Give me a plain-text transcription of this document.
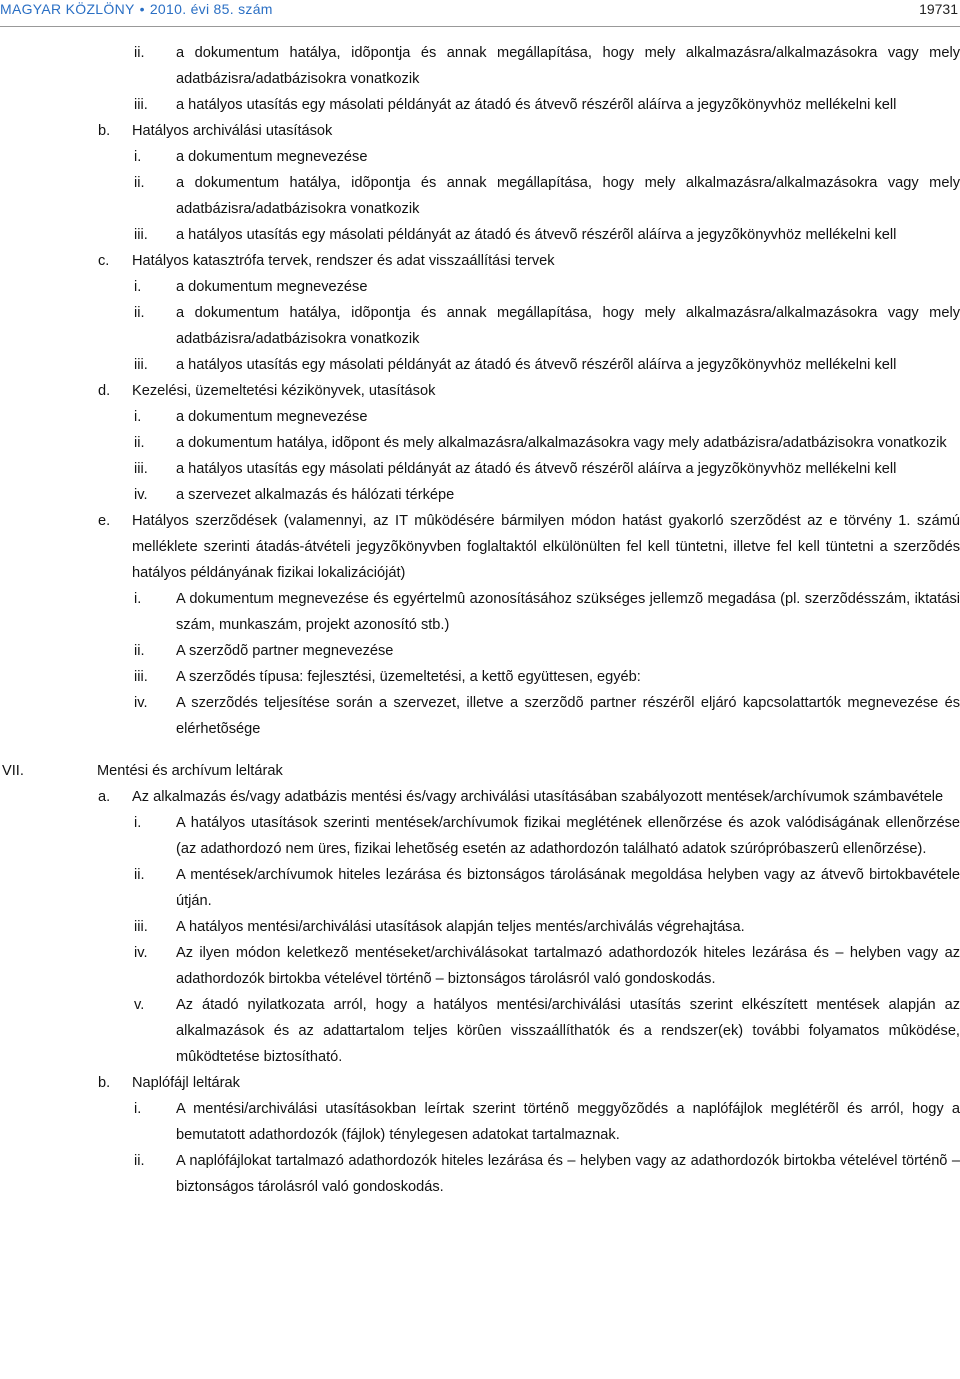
MAGYAR KÖZLÖNY • 2010. évi 85. szám	19731
ii. a dokumentum hatálya, idõpontja és annak megállapítása, hogy mely alkalmazásra/alkalmazásokra vagy mely adatbázisra/adatbázisokra vonatkozik
iii. a hatályos utasítás egy másolati példányát az átadó és átvevõ részérõl aláírva a jegyzõkönyvhöz mellékelni kell
b. Hatályos archiválási utasítások
i. a dokumentum megnevezése
ii. a dokumentum hatálya, idõpontja és annak megállapítása, hogy mely alkalmazásra/alkalmazásokra vagy mely adatbázisra/adatbázisokra vonatkozik
iii. a hatályos utasítás egy másolati példányát az átadó és átvevõ részérõl aláírva a jegyzõkönyvhöz mellékelni kell
c. Hatályos katasztrófa tervek, rendszer és adat visszaállítási tervek
i. a dokumentum megnevezése
ii. a dokumentum hatálya, idõpontja és annak megállapítása, hogy mely alkalmazásra/alkalmazásokra vagy mely adatbázisra/adatbázisokra vonatkozik
iii. a hatályos utasítás egy másolati példányát az átadó és átvevõ részérõl aláírva a jegyzõkönyvhöz mellékelni kell
d. Kezelési, üzemeltetési kézikönyvek, utasítások
i. a dokumentum megnevezése
ii. a dokumentum hatálya, idõpont és mely alkalmazásra/alkalmazásokra vagy mely adatbázisra/adatbázisokra vonatkozik
iii. a hatályos utasítás egy másolati példányát az átadó és átvevõ részérõl aláírva a jegyzõkönyvhöz mellékelni kell
iv. a szervezet alkalmazás és hálózati térképe
e. Hatályos szerzõdések (valamennyi, az IT mûködésére bármilyen módon hatást gyakorló szerzõdést az e törvény 1. számú melléklete szerinti átadás-átvételi jegyzõkönyvben foglaltaktól elkülönülten fel kell tüntetni, illetve fel kell tüntetni a szerzõdés hatályos példányának fizikai lokalizációját)
i. A dokumentum megnevezése és egyértelmû azonosításához szükséges jellemzõ megadása (pl. szerzõdésszám, iktatási szám, munkaszám, projekt azonosító stb.)
ii. A szerzõdõ partner megnevezése
iii. A szerzõdés típusa: fejlesztési, üzemeltetési, a kettõ együttesen, egyéb:
iv. A szerzõdés teljesítése során a szervezet, illetve a szerzõdõ partner részérõl eljáró kapcsolattartók megnevezése és elérhetõsége
VII.	Mentési és archívum leltárak
a. Az alkalmazás és/vagy adatbázis mentési és/vagy archiválási utasításában szabályozott mentések/archívumok számbavétele
i. A hatályos utasítások szerinti mentések/archívumok fizikai meglétének ellenõrzése és azok valódiságának ellenõrzése (az adathordozó nem üres, fizikai lehetõség esetén az adathordozón található adatok szúrópróbaszerû ellenõrzése).
ii. A mentések/archívumok hiteles lezárása és biztonságos tárolásának megoldása helyben vagy az átvevõ birtokbavétele útján.
iii. A hatályos mentési/archiválási utasítások alapján teljes mentés/archiválás végrehajtása.
iv. Az ilyen módon keletkezõ mentéseket/archiválásokat tartalmazó adathordozók hiteles lezárása és – helyben vagy az adathordozók birtokba vételével történõ – biztonságos tárolásról való gondoskodás.
v. Az átadó nyilatkozata arról, hogy a hatályos mentési/archiválási utasítás szerint elkészített mentések alapján az alkalmazások és az adattartalom teljes körûen visszaállíthatók és a rendszer(ek) további folyamatos mûködése, mûködtetése biztosítható.
b. Naplófájl leltárak
i. A mentési/archiválási utasításokban leírtak szerint történõ meggyõzõdés a naplófájlok meglétérõl és arról, hogy a bemutatott adathordozók (fájlok) ténylegesen adatokat tartalmaznak.
ii. A naplófájlokat tartalmazó adathordozók hiteles lezárása és – helyben vagy az adathordozók birtokba vételével történõ – biztonságos tárolásról való gondoskodás.
